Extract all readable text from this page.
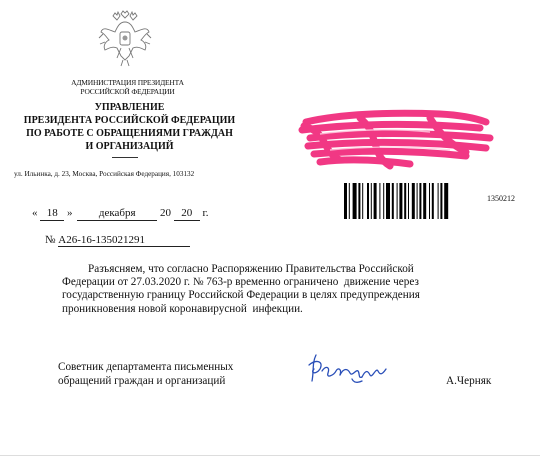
АДМИНИСТРАЦИЯ ПРЕЗИДЕНТА
РОССИЙСКОЙ ФЕДЕРАЦИИ
УПРАВЛЕНИЕ
ПРЕЗИДЕНТА РОССИЙСКОЙ ФЕДЕРАЦИИ
ПО РАБОТЕ С ОБРАЩЕНИЯМИ ГРАЖДАН
И ОРГАНИЗАЦИЙ
ул. Ильинка, д. 23, Москва, Российская Федерация, 103132
1350212
« 18 » декабря 20 20 г.
№ А26-16-135021291
Разъясняем, что согласно Распоряжению Правительства Российской
Федерации от 27.03.2020 г. № 763-р временно ограничено  движение через
государственную границу Российской Федерации в целях предупреждения
проникновения новой коронавирусной  инфекции.
Советник департамента письменных
обращений граждан и организаций	А.Черняк
